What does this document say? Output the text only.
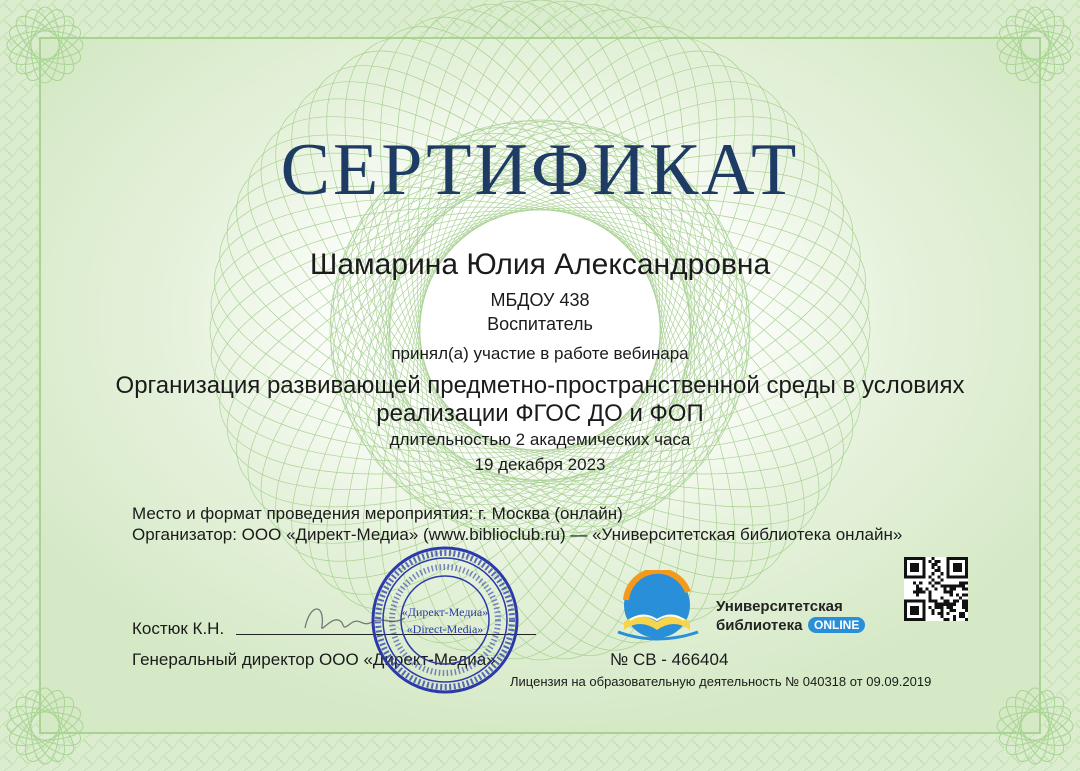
СЕРТИФИКАТ
Шамарина Юлия Александровна
МБДОУ 438
Воспитатель
принял(а) участие в работе вебинара
Организация развивающей предметно-пространственной среды в условиях
реализации ФГОС ДО и ФОП
длительностью 2 академических часа
19 декабря 2023
Место и формат проведения мероприятия: г. Москва (онлайн)
Организатор: ООО «Директ-Медиа» (www.biblioclub.ru) — «Университетская библиотека онлайн»
Костюк К.Н.
Генеральный директор ООО «Директ-Медиа»
«Директ-Медиа»
«Direct-Media»
Университетская
библиотека ONLINE
№ СВ - 466404
Лицензия на образовательную деятельность № 040318 от 09.09.2019
